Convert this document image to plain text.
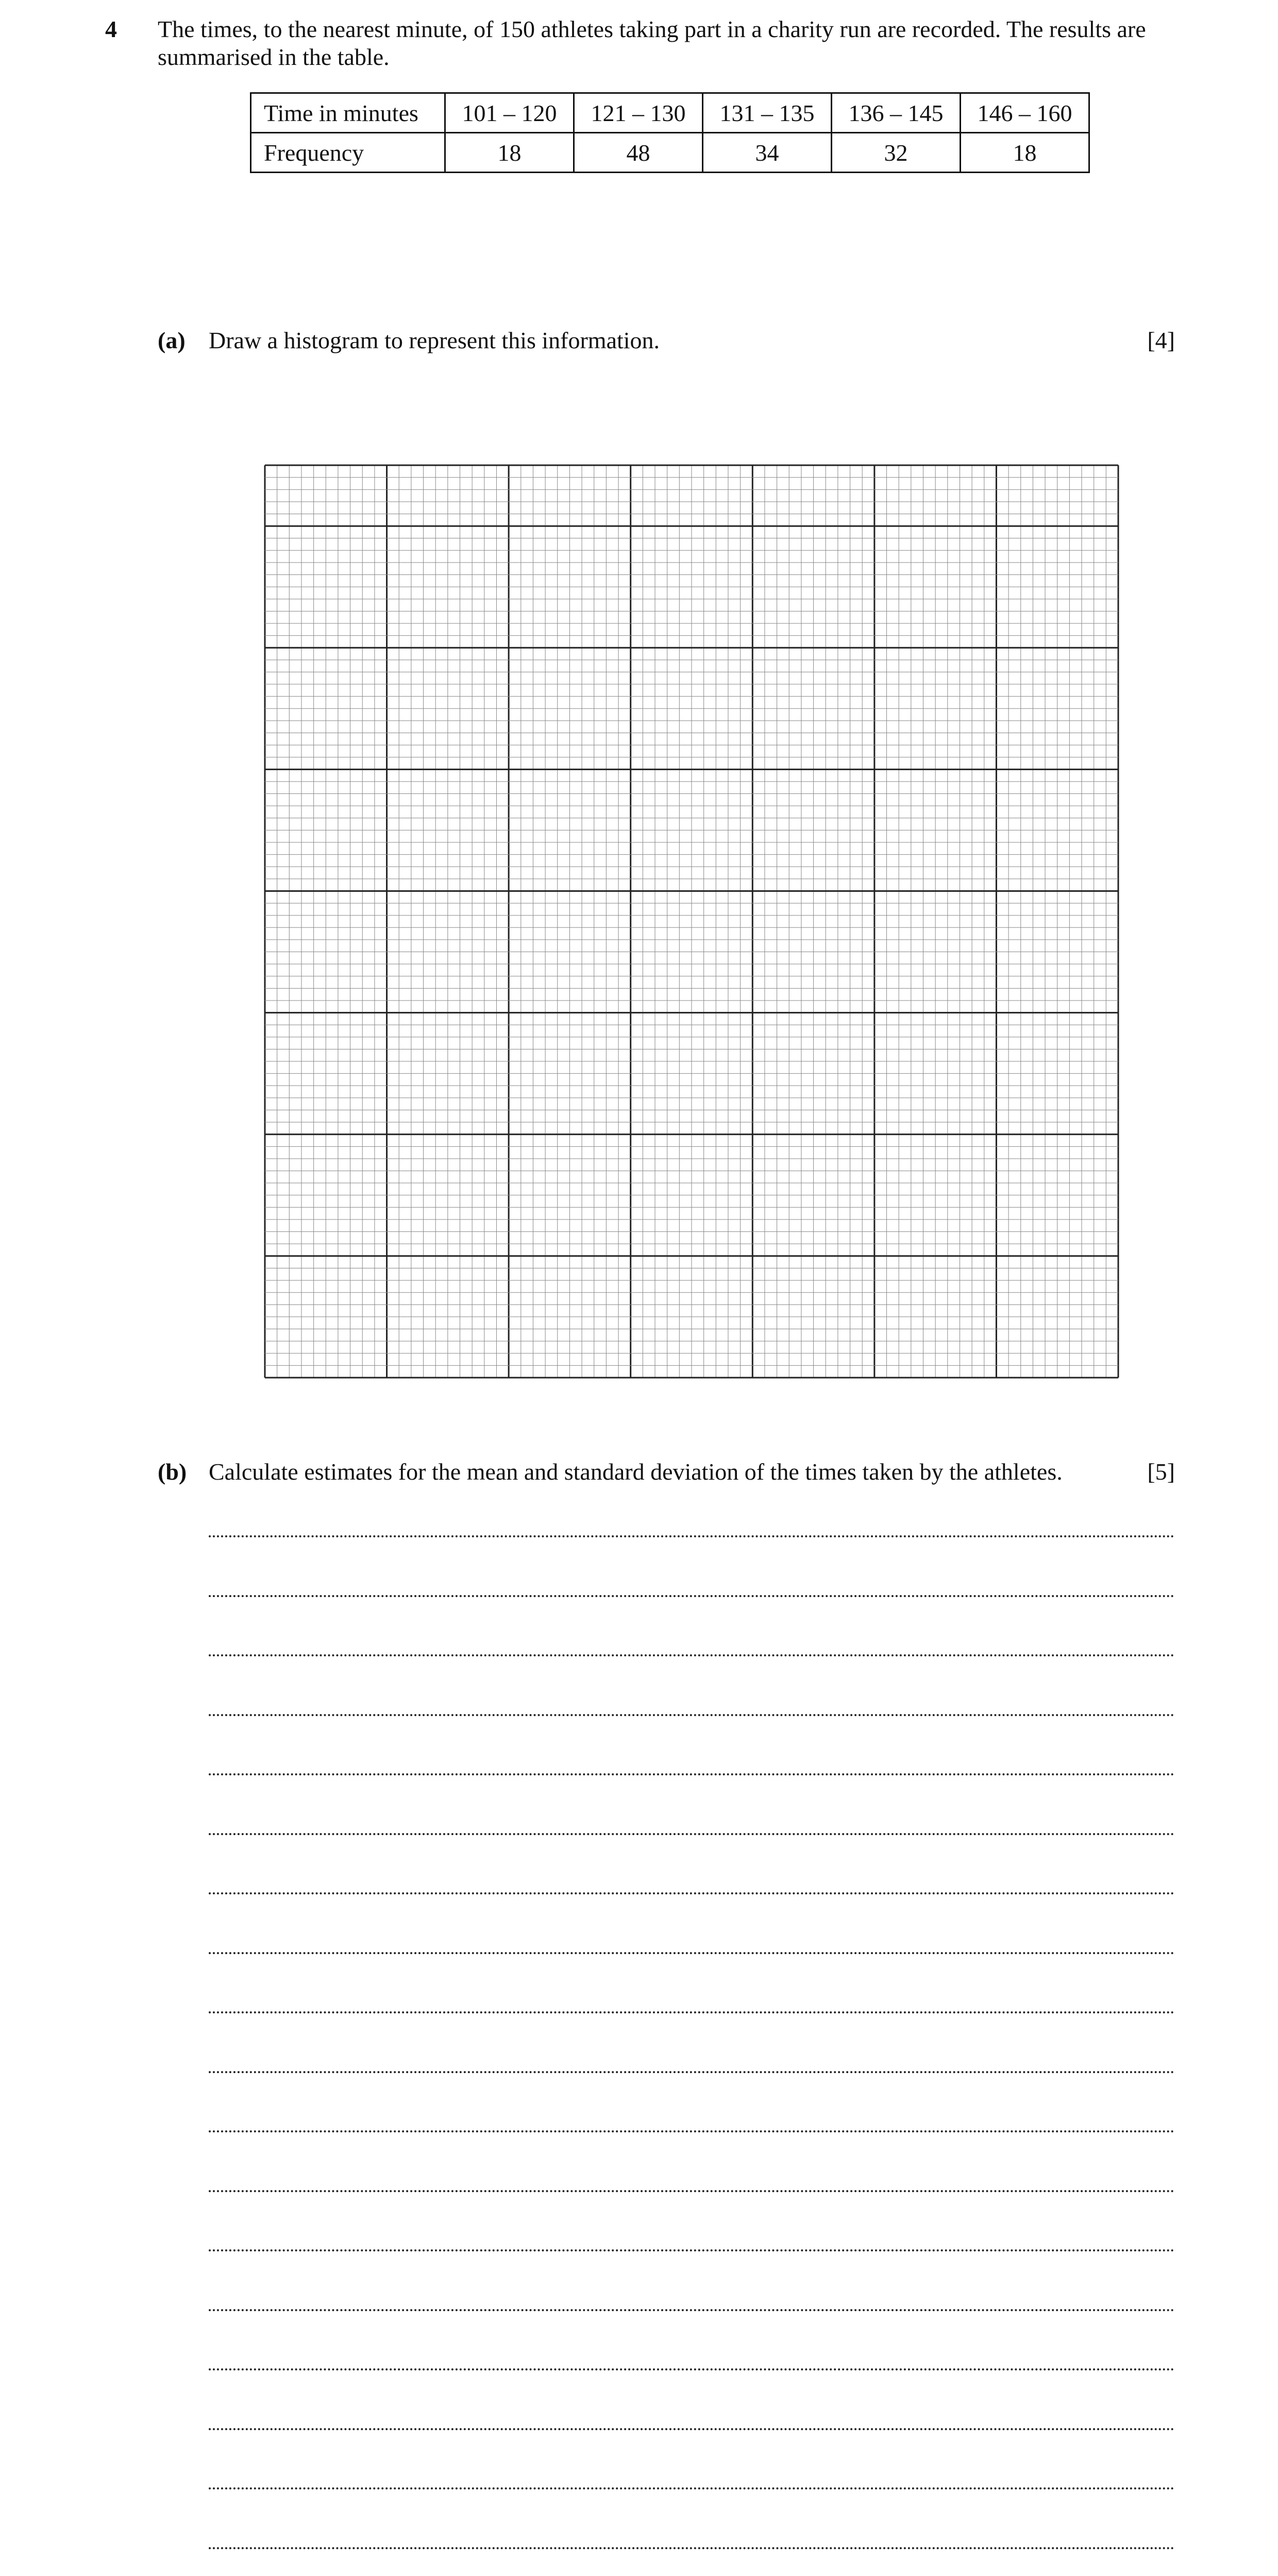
4 The times, to the nearest minute, of 150 athletes taking part in a charity run are recorded. The results are summarised in the table.
Time in minutes	101 – 120	121 – 130	131 – 135	136 – 145	146 – 160
Frequency	18	48	34	32	18
(a) Draw a histogram to represent this information.	[4]
(b) Calculate estimates for the mean and standard deviation of the times taken by the athletes.	[5]
